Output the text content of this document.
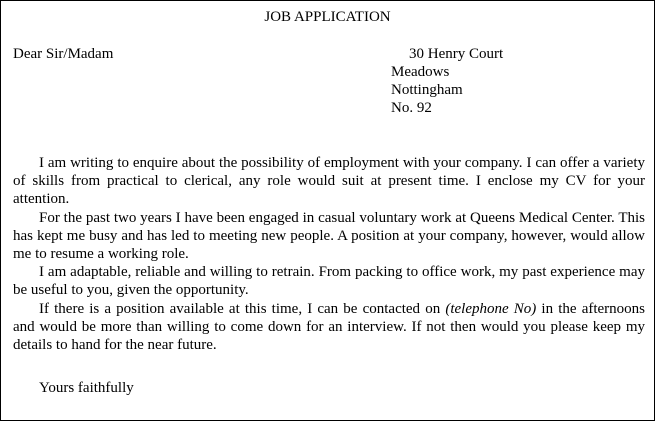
JOB APPLICATION
Dear Sir/Madam	30 Henry Court
Meadows
Nottingham
No. 92

I am writing to enquire about the possibility of employment with your company. I can offer a variety of skills from practical to clerical, any role would suit at present time. I enclose my CV for your attention.

For the past two years I have been engaged in casual voluntary work at Queens Medical Center. This has kept me busy and has led to meeting new people. A position at your company, however, would allow me to resume a working role.

I am adaptable, reliable and willing to retrain. From packing to office work, my past experience may be useful to you, given the opportunity.

If there is a position available at this time, I can be contacted on (telephone No) in the afternoons and would be more than willing to come down for an interview. If not then would you please keep my details to hand for the near future.

Yours faithfully
